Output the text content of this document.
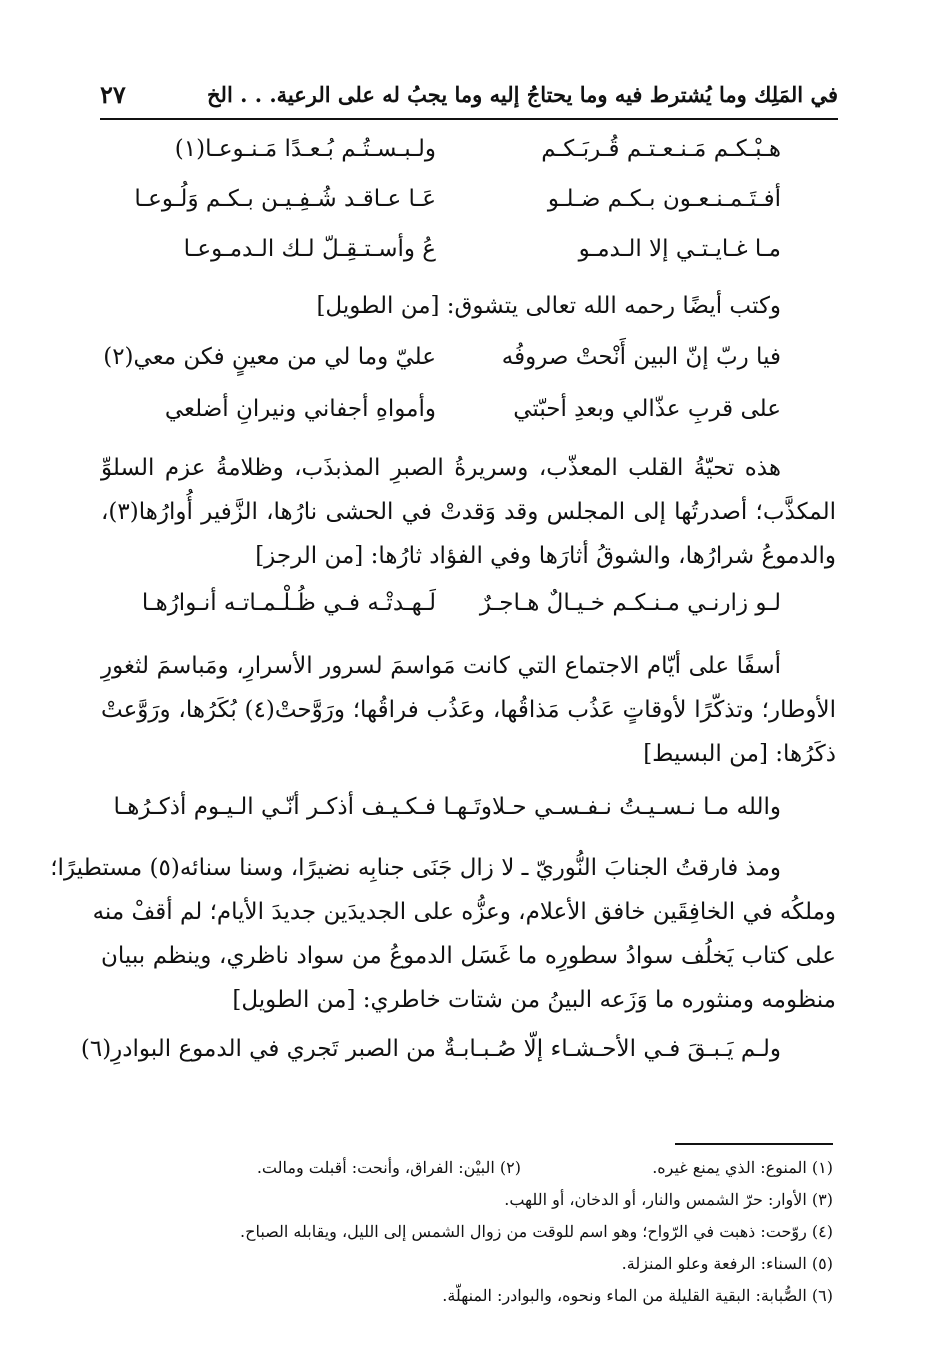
في المَلِك وما يُشترط فيه وما يحتاجُ إليه وما يجبُ له على الرعية. . . الخ
٢٧
هـبْـكـم مَـنـعـتـم قُـربَـكـم
ولـبـسـتُـم بُـعـدًا مَـنـوعـا(١)
أفـتَـمـنـعـون بـكـم ضـلـو
عَـا عـاقـد شُـفِـيـن بـكـم وَلُـوعـا
مـا غـايـتـي إلا الـدمـو
عُ وأسـتـقِـلّ لـك الـدمـوعـا
وكتب أيضًا رحمه الله تعالى يتشوق: [من الطويل]
فيا ربّ إنّ البين أَنْحتْ صروفُه
عليّ وما لي من معينٍ فكن معي(٢)
على قربِ عذّالي وبعدِ أحبّتي
وأمواهِ أجفاني ونيرانِ أضلعي
هذه تحيّةُ القلب المعذّب، وسريرةُ الصبرِ المذبذَب، وظلامةُ عزم السلوِّ
المكذَّب؛ أصدرتُها إلى المجلس وقد وَقدتْ في الحشى نارُها، الزَّفير أُوارُها(٣)،
والدموعُ شرارُها، والشوقُ أثارَها وفي الفؤاد ثارُها: [من الرجز]
لـو زارنـي مـنـكـم خـيـالٌ هـاجـرٌ
لَـهـدتْـه فـي ظُـلْـمـاتـه أنـوارُهـا
أسفًا على أيّام الاجتماع التي كانت مَواسمَ لسرور الأسرارِ، ومَباسمَ لثغورِ
الأوطار؛ وتذكّرًا لأوقاتٍ عَذُب مَذاقُها، وعَذُب فراقُها؛ ورَوَّحتْ(٤) بُكَرُها، ورَوَّعتْ
ذكَرُها: [من البسيط]
والله مـا نـسـيـتُ نـفـسـي حـلاوتَـهـا
فـكـيـف أذكـر أنّـي الـيـوم أذكـرُهـا
ومذ فارقتُ الجنابَ النُّوريّ ـ لا زال جَنَى جنابِه نضيرًا، وسنا سنائه(٥) مستطيرًا؛
وملكُه في الخافِقَين خافق الأعلام، وعزُّه على الجديدَين جديدَ الأيام؛ لم أقفْ منه
على كتاب يَخلُف سوادُ سطورِه ما غَسَل الدموعُ من سواد ناظري، وينظم ببيان
منظومه ومنثوره ما وَزَعه البينُ من شتات خاطري: [من الطويل]
ولـم يَـبـقَ فـي الأحـشـاء إلّا صُـبـابـةٌ
من الصبر تَجري في الدموع البوادرِ(٦)
(١) المنوع: الذي يمنع غيره.
(٢) البيْن: الفراق، وأنحت: أقبلت ومالت.
(٣) الأوار: حرّ الشمس والنار، أو الدخان، أو اللهب.
(٤) روّحت: ذهبت في الرّواح؛ وهو اسم للوقت من زوال الشمس إلى الليل، ويقابله الصباح.
(٥) السناء: الرفعة وعلو المنزلة.
(٦) الصُّبابة: البقية القليلة من الماء ونحوه، والبوادر: المنهلّة.
